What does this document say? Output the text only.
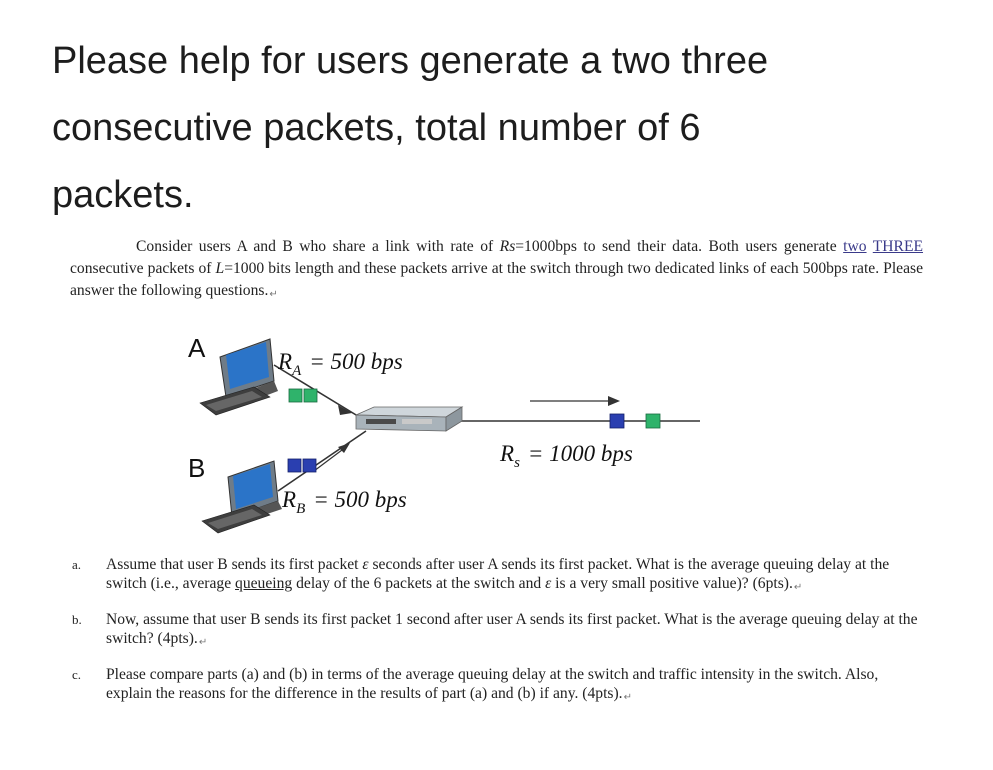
Please help for users generate a two three
consecutive packets, total number of 6
packets.

Consider users A and B who share a link with rate of Rs=1000bps to send their data. Both users generate two THREE consecutive packets of L=1000 bits length and these packets arrive at the switch through two dedicated links of each 500bps rate. Please answer the following questions.↵

A
B
$R_A = 500$ bps
$R_B = 500$ bps
$R_s = 1000$ bps
a. Assume that user B sends its first packet ε seconds after user A sends its first packet. What is the average queuing delay at the switch (i.e., average queueing delay of the 6 packets at the switch and ε is a very small positive value)? (6pts).↵
b. Now, assume that user B sends its first packet 1 second after user A sends its first packet. What is the average queuing delay at the switch? (4pts).↵
c. Please compare parts (a) and (b) in terms of the average queuing delay at the switch and traffic intensity in the switch. Also, explain the reasons for the difference in the results of part (a) and (b) if any. (4pts).↵
